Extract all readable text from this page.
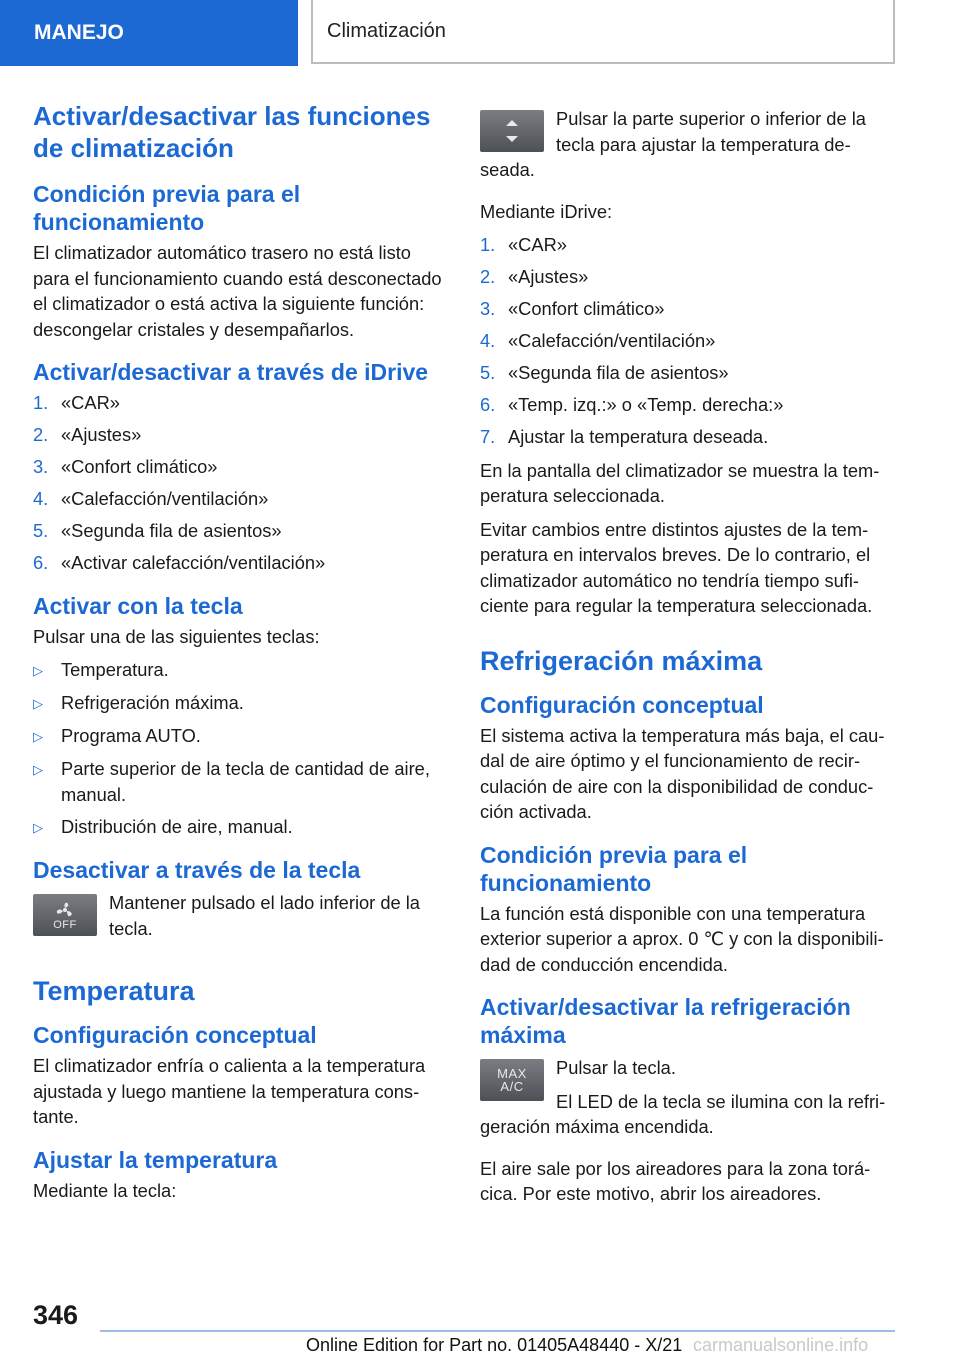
MANEJO	Climatización
Activar/desactivar las funciones de climatización
Condición previa para el funcionamiento

El climatizador automático trasero no está listo para el funcionamiento cuando está desconectado el climatizador o está activa la siguiente función: descongelar cristales y desempañarlos.

Activar/desactivar a través de iDrive
1. «CAR»
2. «Ajustes»
3. «Confort climático»
4. «Calefacción/ventilación»
5. «Segunda fila de asientos»
6. «Activar calefacción/ventilación»
Activar con la tecla

Pulsar una de las siguientes teclas:

▷ Temperatura.
▷ Refrigeración máxima.
▷ Programa AUTO.
▷ Parte superior de la tecla de cantidad de aire, manual.
▷ Distribución de aire, manual.
Desactivar a través de la tecla
OFF

Mantener pulsado el lado inferior de la tecla.

Temperatura
Configuración conceptual

El climatizador enfría o calienta a la temperatura ajustada y luego mantiene la temperatura constante.

Ajustar la temperatura

Mediante la tecla:

Pulsar la parte superior o inferior de la tecla para ajustar la temperatura deseada.

Mediante iDrive:

1. «CAR»
2. «Ajustes»
3. «Confort climático»
4. «Calefacción/ventilación»
5. «Segunda fila de asientos»
6. «Temp. izq.:» o «Temp. derecha:»
7. Ajustar la temperatura deseada.

En la pantalla del climatizador se muestra la temperatura seleccionada.

Evitar cambios entre distintos ajustes de la temperatura en intervalos breves. De lo contrario, el climatizador automático no tendría tiempo suficiente para regular la temperatura seleccionada.

Refrigeración máxima
Configuración conceptual

El sistema activa la temperatura más baja, el caudal de aire óptimo y el funcionamiento de recirculación de aire con la disponibilidad de conducción activada.

Condición previa para el funcionamiento

La función está disponible con una temperatura exterior superior a aprox. 0 ℃ y con la disponibilidad de conducción encendida.

Activar/desactivar la refrigeración máxima
MAX
A/C

Pulsar la tecla.

El LED de la tecla se ilumina con la refrigeración máxima encendida.

El aire sale por los aireadores para la zona torácica. Por este motivo, abrir los aireadores.

346
Online Edition for Part no. 01405A48440 - X/21 carmanualsonline.info
